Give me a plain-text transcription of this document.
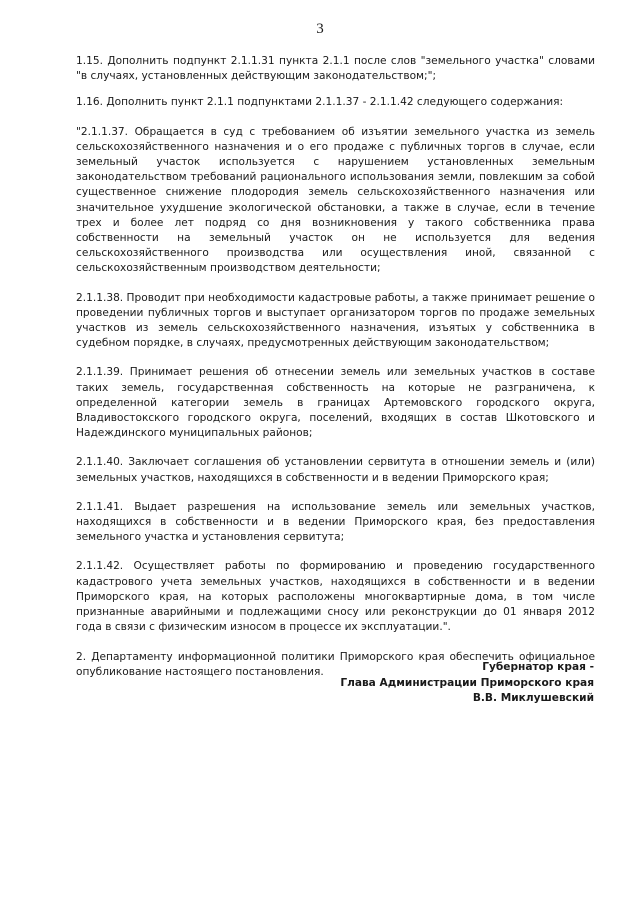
3

1.15. Дополнить подпункт 2.1.1.31 пункта 2.1.1 после слов "земельного участка" словами "в случаях, установленных действующим законодательством;";

1.16. Дополнить пункт 2.1.1 подпунктами 2.1.1.37 - 2.1.1.42 следующего содержания:

"2.1.1.37. Обращается в суд с требованием об изъятии земельного участка из земель сельскохозяйственного назначения и о его продаже с публичных торгов в случае, если земельный участок используется с нарушением установленных земельным законодательством требований рационального использования земли, повлекшим за собой существенное снижение плодородия земель сельскохозяйственного назначения или значительное ухудшение экологической обстановки, а также в случае, если в течение трех и более лет подряд со дня возникновения у такого собственника права собственности на земельный участок он не используется для ведения сельскохозяйственного производства или осуществления иной, связанной с сельскохозяйственным производством деятельности;

2.1.1.38. Проводит при необходимости кадастровые работы, а также принимает решение о проведении публичных торгов и выступает организатором торгов по продаже земельных участков из земель сельскохозяйственного назначения, изъятых у собственника в судебном порядке, в случаях, предусмотренных действующим законодательством;

2.1.1.39. Принимает решения об отнесении земель или земельных участков в составе таких земель, государственная собственность на которые не разграничена, к определенной категории земель в границах Артемовского городского округа, Владивостокского городского округа, поселений, входящих в состав Шкотовского и Надеждинского муниципальных районов;

2.1.1.40. Заключает соглашения об установлении сервитута в отношении земель и (или) земельных участков, находящихся в собственности и в ведении Приморского края;

2.1.1.41. Выдает разрешения на использование земель или земельных участков, находящихся в собственности и в ведении Приморского края, без предоставления земельного участка и установления сервитута;

2.1.1.42. Осуществляет работы по формированию и проведению государственного кадастрового учета земельных участков, находящихся в собственности и в ведении Приморского края, на которых расположены многоквартирные дома, в том числе признанные аварийными и подлежащими сносу или реконструкции до 01 января 2012 года в связи с физическим износом в процессе их эксплуатации.".

2. Департаменту информационной политики Приморского края обеспечить официальное опубликование настоящего постановления.	Губернатор края -
Глава Администрации Приморского края
В.В. Миклушевский
